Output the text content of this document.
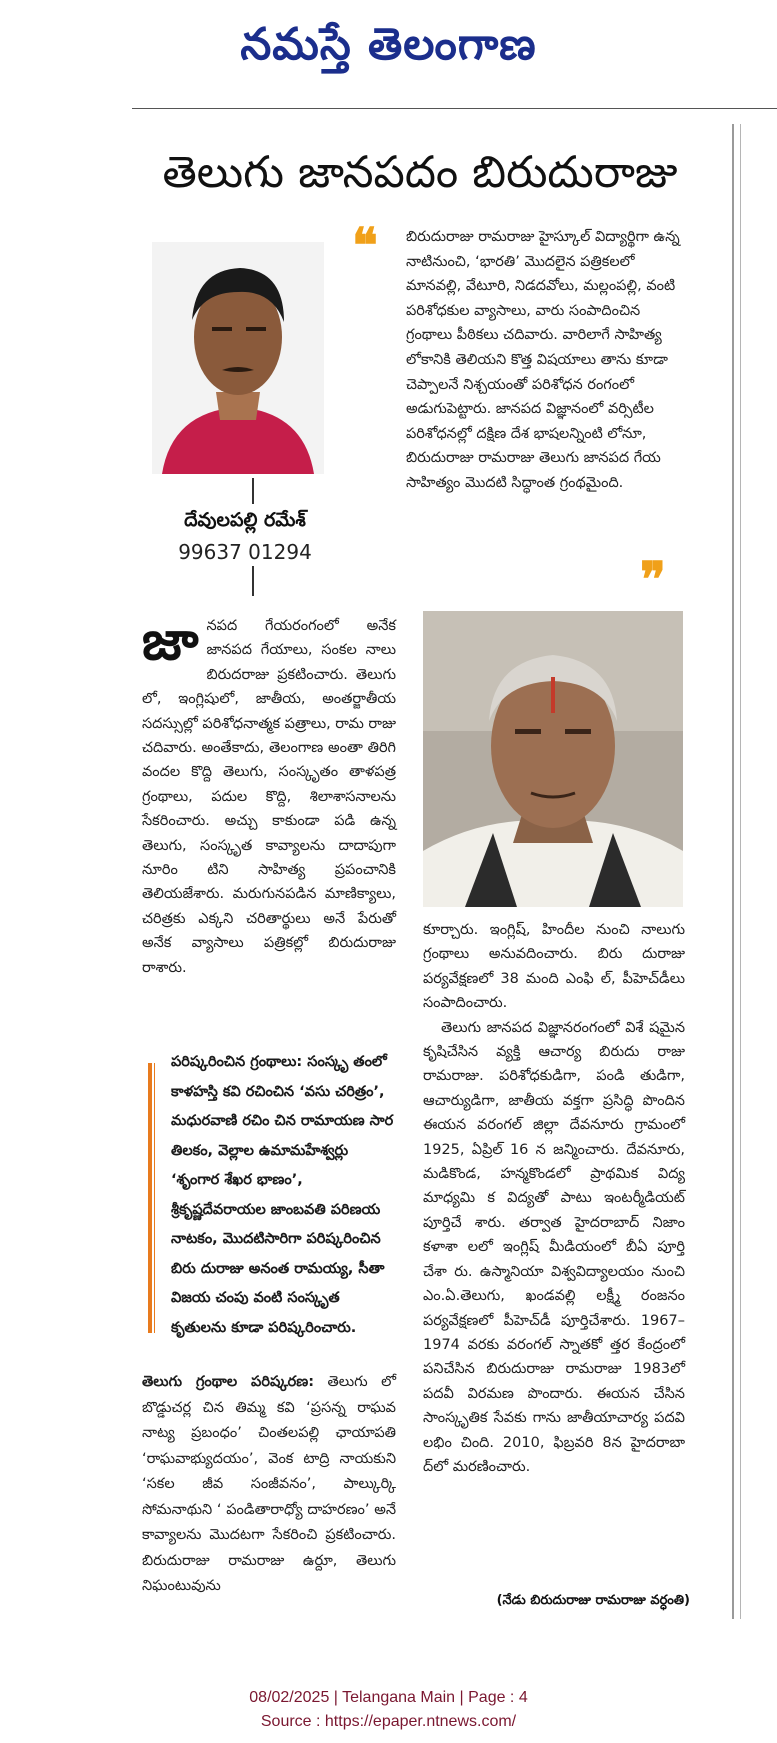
నమస్తే తెలంగాణ
తెలుగు జానపదం బిరుదురాజు
దేవులపల్లి రమేశ్
99637 01294
❝	బిరుదురాజు రామరాజు హైస్కూల్ విద్యార్థిగా ఉన్న నాటినుంచి, ‘భారతి’ మొదలైన పత్రికలలో మానవల్లి, వేటూరి, నిడదవోలు, మల్లంపల్లి, వంటి పరిశోధకుల వ్యాసాలు, వారు సంపాదించిన గ్రంథాలు పీఠికలు చదివారు. వారిలాగే సాహిత్య లోకానికి తెలియని కొత్త విషయాలు తాను కూడా చెప్పాలనే నిశ్చయంతో పరిశోధన రంగంలో అడుగుపెట్టారు. జానపద విజ్ఞానంలో వర్సిటీల పరిశోధనల్లో దక్షిణ దేశ భాషలన్నింటి లోనూ, బిరుదురాజు రామరాజు తెలుగు జానపద గేయ సాహిత్యం మొదటి సిద్ధాంత గ్రంథమైంది.
❞
జానపద గేయరంగంలో అనేక జానపద గేయాలు, సంకల నాలు బిరుదరాజు ప్రకటించారు. తెలుగు లో, ఇంగ్లిషులో, జాతీయ, అంతర్జాతీయ సదస్సుల్లో పరిశోధనాత్మక పత్రాలు, రామ రాజు చదివారు. అంతేకాదు, తెలంగాణ అంతా తిరిగి వందల కొద్ది తెలుగు, సంస్కృతం తాళపత్ర గ్రంథాలు, పదుల కొద్ది, శిలాశాసనాలను సేకరించారు. అచ్చు కాకుండా పడి ఉన్న తెలుగు, సంస్కృత కావ్యాలను దాదాపుగా నూరిం టిని సాహిత్య ప్రపంచానికి తెలియజేశారు. మరుగునపడిన మాణిక్యాలు, చరిత్రకు ఎక్కని చరితార్థులు అనే పేరుతో అనేక వ్యాసాలు పత్రికల్లో బిరుదురాజు రాశారు.
పరిష్కరించిన గ్రంథాలు: సంస్కృ తంలో కాళహస్తి కవి రచించిన ‘వసు చరిత్రం’, మధురవాణి రచిం చిన రామాయణ సార తిలకం, వెల్లాల ఉమామహేశ్వర్లు ‘శృంగార శేఖర భాణం’, శ్రీకృష్ణదేవరాయల జాంబవతి పరిణయ నాటకం, మొదటిసారిగా పరిష్కరించిన బిరు దురాజు అనంత రామయ్య, సీతా విజయ చంపు వంటి సంస్కృత కృతులను కూడా పరిష్కరించారు.
తెలుగు గ్రంథాల పరిష్కరణ: తెలుగు లో బొడ్డుచర్ల చిన తిమ్మ కవి ‘ప్రసన్న రాఘవ నాట్య ప్రబంధం’ చింతలపల్లి ఛాయాపతి ‘రాఘవాభ్యుదయం’, వెంక టాద్రి నాయకుని ‘సకల జీవ సంజీవనం’, పాల్కుర్కి సోమనాథుని ‘ పండితారాధ్యో దాహరణం’ అనే కావ్యాలను మొదటగా సేకరించి ప్రకటించారు. బిరుదురాజు రామరాజు ఉర్దూ, తెలుగు నిఘంటువును
కూర్చారు. ఇంగ్లిష్, హిందీల నుంచి నాలుగు గ్రంథాలు అనువదించారు. బిరు దురాజు పర్యవేక్షణలో 38 మంది ఎంఫి ల్, పీహెచ్‌డీలు సంపాదించారు.
తెలుగు జానపద విజ్ఞానరంగంలో విశే షమైన కృషిచేసిన వ్యక్తి ఆచార్య బిరుదు రాజు రామరాజు. పరిశోధకుడిగా, పండి తుడిగా, ఆచార్యుడిగా, జాతీయ వక్తగా ప్రసిద్ధి పొందిన ఈయన వరంగల్ జిల్లా దేవనూరు గ్రామంలో 1925, ఏప్రిల్ 16 న జన్మించారు. దేవనూరు, మడికొండ, హన్మకొండలో ప్రాథమిక విద్య మాధ్యమి క విద్యతో పాటు ఇంటర్మీడియట్ పూర్తిచే శారు. తర్వాత హైదరాబాద్ నిజాం కళాశా లలో ఇంగ్లిష్ మీడియంలో బీఏ పూర్తి చేశా రు. ఉస్మానియా విశ్వవిద్యాలయం నుంచి ఎం.ఏ.తెలుగు, ఖండవల్లి లక్ష్మీ రంజనం పర్యవేక్షణలో పీహెచ్‌డీ పూర్తిచేశారు. 1967–1974 వరకు వరంగల్ స్నాతకో త్తర కేంద్రంలో పనిచేసిన బిరుదురాజు రామరాజు 1983లో పదవీ విరమణ పొందారు. ఈయన చేసిన సాంస్కృతిక సేవకు గాను జాతీయాచార్య పదవి లభిం చింది. 2010, ఫిబ్రవరి 8న హైదరాబా ద్‌లో మరణించారు.
(నేడు బిరుదురాజు రామరాజు వర్ధంతి)
08/02/2025 | Telangana Main | Page : 4
Source : https://epaper.ntnews.com/
